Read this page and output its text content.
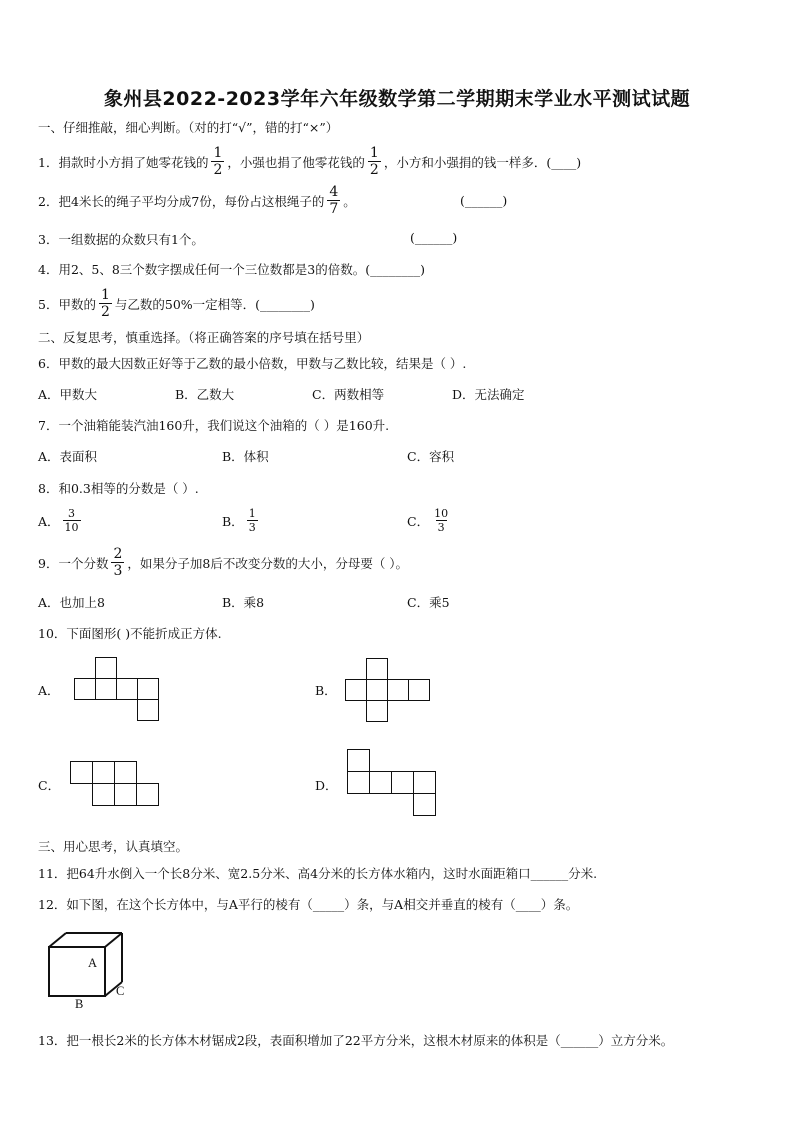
象州县2022-2023学年六年级数学第二学期期末学业水平测试试题
一、仔细推敲，细心判断。（对的打“√”，错的打“×”）
1．捐款时小方捐了她零花钱的 $\frac{1}{2}$ ，小强也捐了他零花钱的 $\frac{1}{2}$ ，小方和小强捐的钱一样多．(____)
2．把4米长的绳子平均分成7份，每份占这根绳子的 $\frac{4}{7}$ 。	(______)
3．一组数据的众数只有1个。	(______)
4．用2、5、8三个数字摆成任何一个三位数都是3的倍数。(________)
5．甲数的 $\frac{1}{2}$ 与乙数的50%一定相等．(________)
二、反复思考，慎重选择。（将正确答案的序号填在括号里）
6．甲数的最大因数正好等于乙数的最小倍数，甲数与乙数比较，结果是（ ）.
A．甲数大	B．乙数大	C．两数相等	D．无法确定
7．一个油箱能装汽油160升，我们说这个油箱的（ ）是160升.
A．表面积	B．体积	C．容积
8．和0.3相等的分数是（ ）.
A． $\frac{3}{10}$	B． $\frac{1}{3}$	C． $\frac{10}{3}$
9．一个分数 $\frac{2}{3}$ ，如果分子加8后不改变分数的大小，分母要（ ）。
A．也加上8	B．乘8	C．乘5
10．下面图形( )不能折成正方体.
A．	B．
C．	D．
三、用心思考，认真填空。
11．把64升水倒入一个长8分米、宽2.5分米、高4分米的长方体水箱内，这时水面距箱口______分米.
12．如下图，在这个长方体中，与A平行的棱有（_____）条，与A相交并垂直的棱有（____）条。
A
B
C
13．把一根长2米的长方体木材锯成2段，表面积增加了22平方分米，这根木材原来的体积是（______）立方分米。
